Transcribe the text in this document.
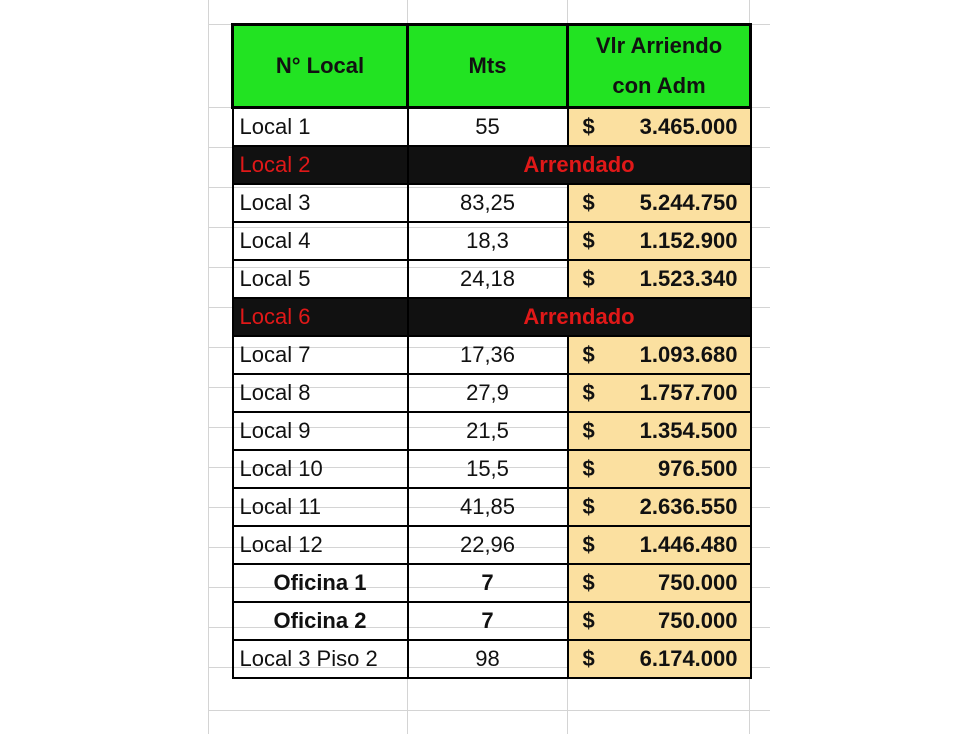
N° Local	Mts	Vlr Arriendo
con Adm
Local 1	55	$ 3.465.000

Local 2	Arrendado	
Local 3	83,25	$ 5.244.750

Local 4	18,3	$ 1.152.900

Local 5	24,18	$ 1.523.340

Local 6	Arrendado	
Local 7	17,36	$ 1.093.680

Local 8	27,9	$ 1.757.700

Local 9	21,5	$ 1.354.500

Local 10	15,5	$ 976.500

Local 11	41,85	$ 2.636.550

Local 12	22,96	$ 1.446.480

Oficina 1	7	$ 750.000

Oficina 2	7	$ 750.000

Local 3 Piso 2	98	$ 6.174.000
